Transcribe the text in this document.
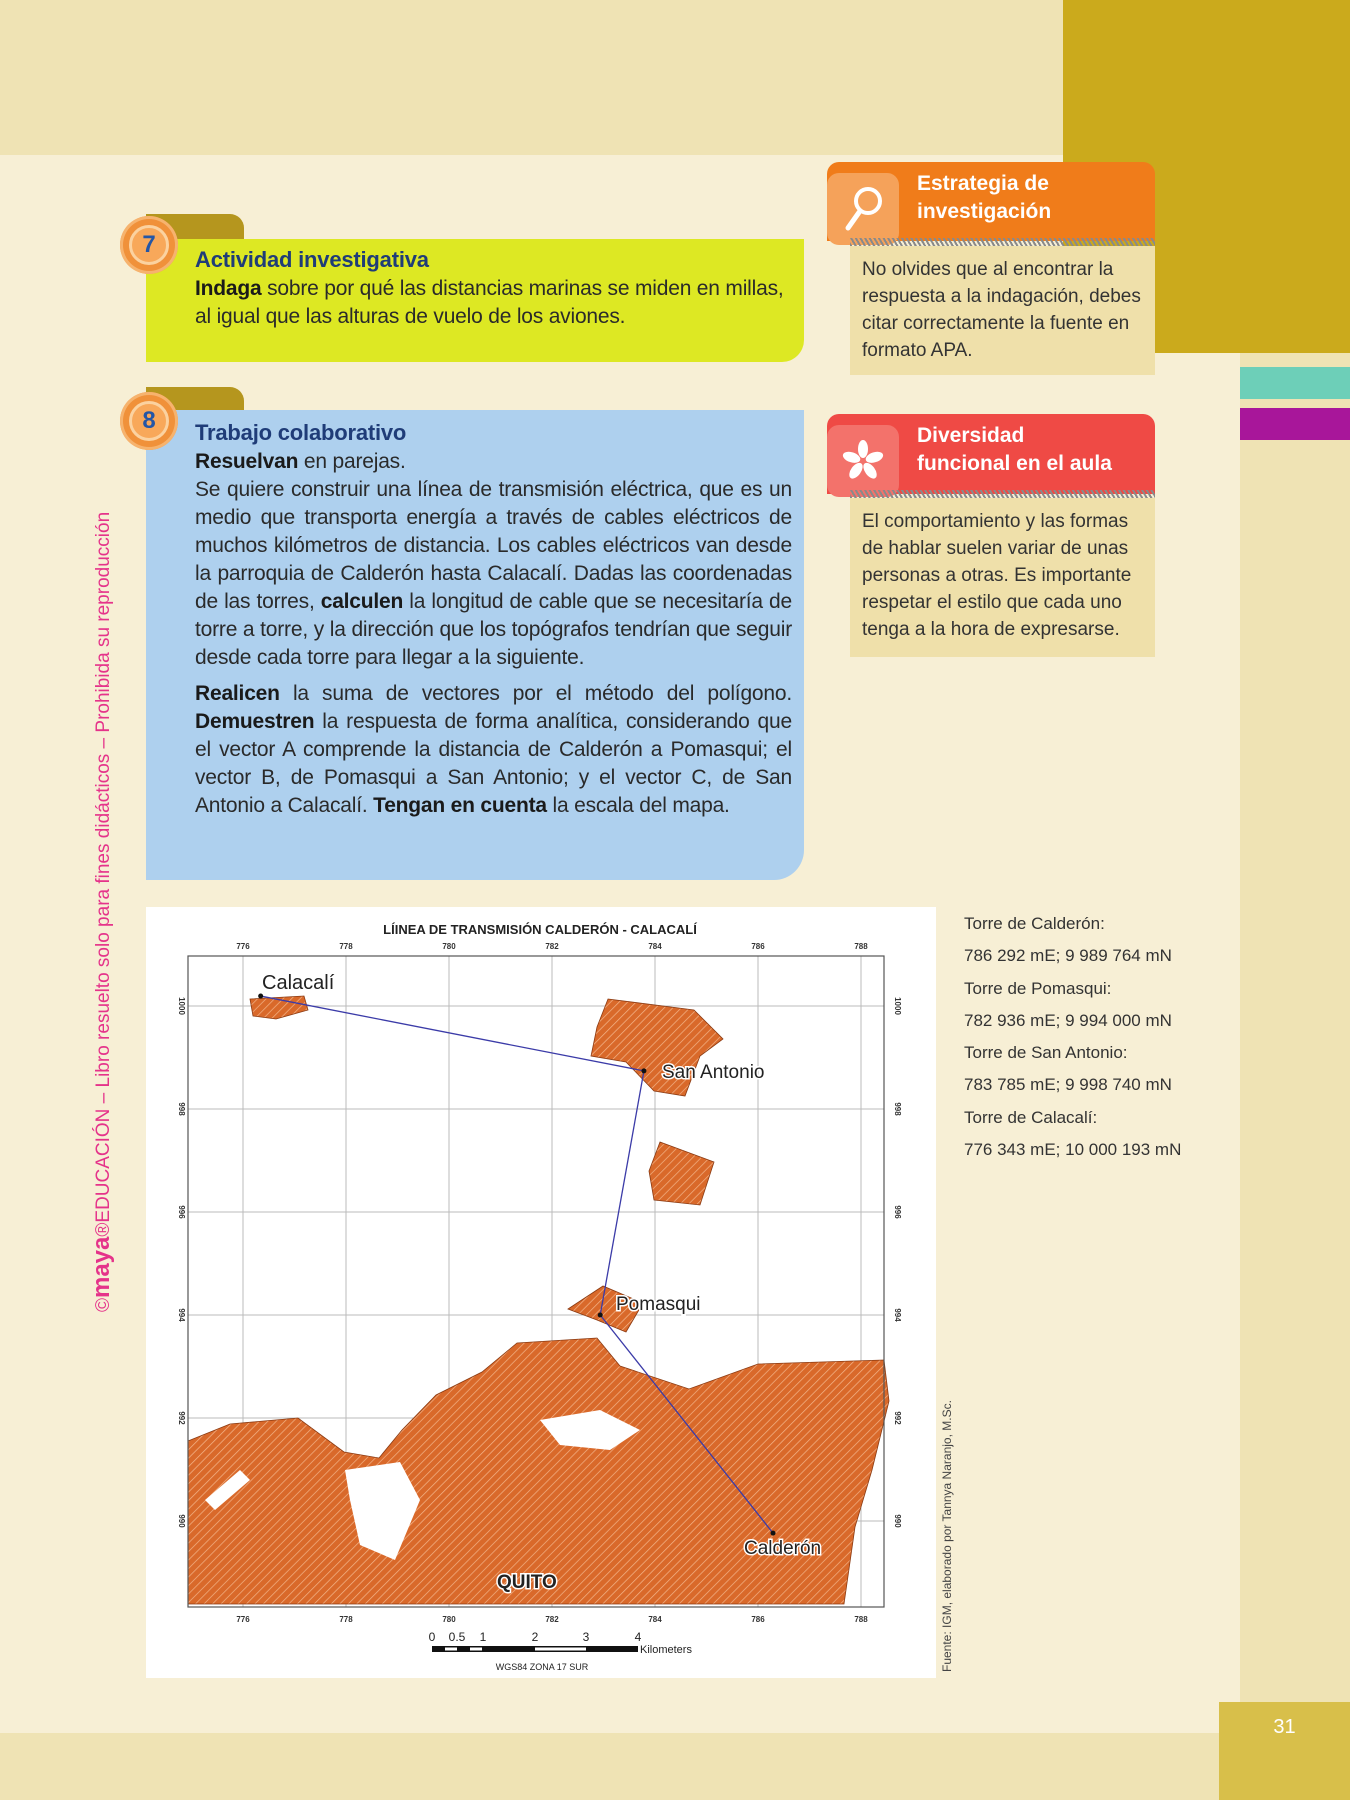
31
©maya®EDUCACIÓN – Libro resuelto solo para fines didácticos – Prohibida su reproducción
Actividad investigativa
Indaga sobre por qué las distancias marinas se miden en millas, al igual que las alturas de vuelo de los aviones.
7
Trabajo colaborativo
Resuelvan en parejas.

Se quiere construir una línea de transmisión eléctrica, que es un medio que transporta energía a través de cables eléctricos de muchos kilómetros de distancia. Los cables eléctricos van desde la parroquia de Calderón hasta Calacalí. Dadas las coordenadas de las torres, calculen la longitud de cable que se necesitaría de torre a torre, y la dirección que los topógrafos tendrían que seguir desde cada torre para llegar a la siguiente.

Realicen la suma de vectores por el método del polígono. Demuestren la respuesta de forma analítica, considerando que el vector A comprende la distancia de Calderón a Pomasqui; el vector B, de Pomasqui a San Antonio; y el vector C, de San Antonio a Calacalí. Tengan en cuenta la escala del mapa.

8
Estrategia de
investigación
No olvides que al encontrar la respuesta a la indagación, debes citar correctamente la fuente en formato APA.
Diversidad
funcional en el aula
El comportamiento y las formas de hablar suelen variar de unas personas a otras. Es importante respetar el estilo que cada uno tenga a la hora de expresarse.
LÍINEA DE TRANSMISIÓN CALDERÓN - CALACALÍ
776
776
778
778
780
780
782
782
784
784
786
786
788
788
1000	1000
998	998
996	996
994	994
992	992
990	990
Calacalí
San Antonio
Pomasqui
Calderón
QUITO
0 0.5 1	2	3	4
Kilometers
WGS84 ZONA 17 SUR
Torre de Calderón:
786 292 mE; 9 989 764 mN
Torre de Pomasqui:
782 936 mE; 9 994 000 mN
Torre de San Antonio:
783 785 mE; 9 998 740 mN
Torre de Calacalí:
776 343 mE; 10 000 193 mN
Fuente: IGM, elaborado por Tannya Naranjo, M.Sc.
